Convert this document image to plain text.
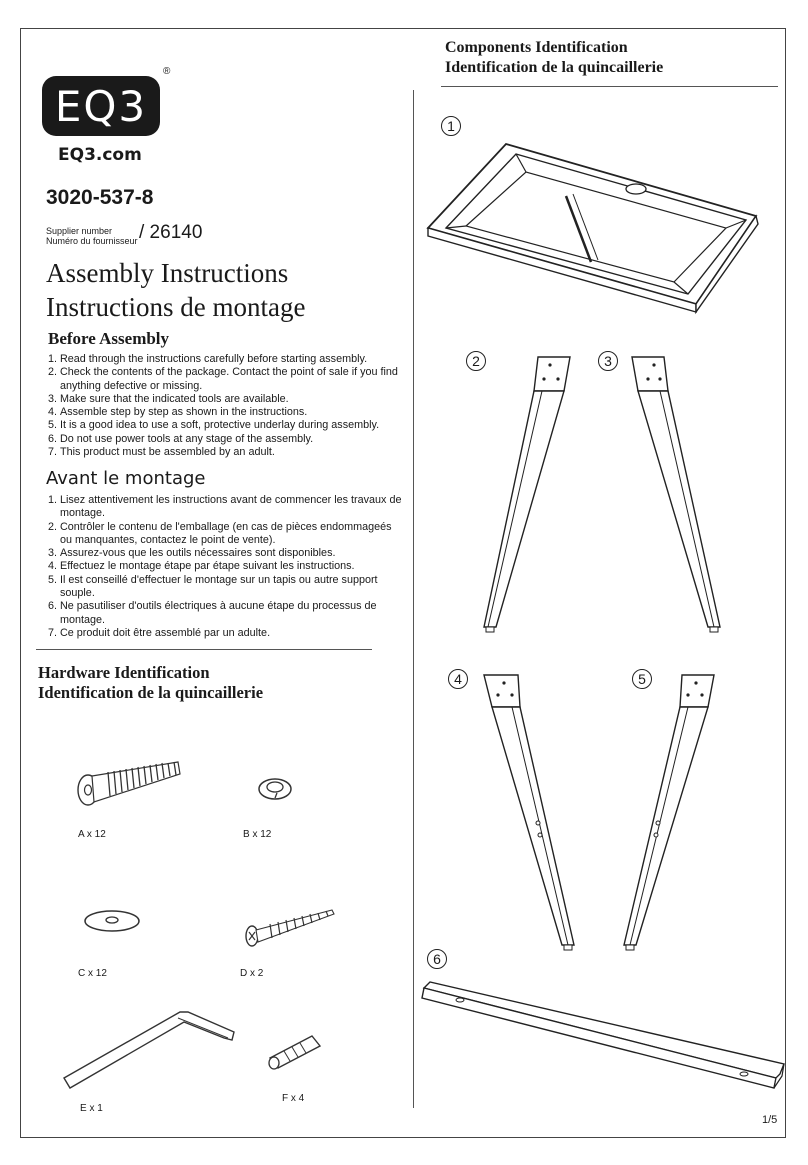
EQ3
®
EQ3.com
3020-537-8
Supplier number
Numéro du fournisseur / 26140
Assembly Instructions
Instructions de montage
Before Assembly
1. Read through the instructions carefully before starting assembly.
2. Check the contents of the package. Contact the point of sale if you find anything defective or missing.
3. Make sure that the indicated tools are available.
4. Assemble step by step as shown in the instructions.
5. It is a good idea to use a soft, protective underlay during assembly.
6. Do not use power tools at any stage of the assembly.
7. This product must be assembled by an adult.
Avant le montage
1. Lisez attentivement les instructions avant de commencer les travaux de montage.
2. Contrôler le contenu de l'emballage (en cas de pièces endommageés ou manquantes, contactez le point de vente).
3. Assurez-vous que les outils nécessaires sont disponibles.
4. Effectuez le montage étape par étape suivant les instructions.
5. Il est conseillé d'effectuer le montage sur un tapis ou autre support souple.
6. Ne pasutiliser d'outils électriques à aucune étape du processus de montage.
7. Ce produit doit être assemblé par un adulte.
Hardware Identification
Identification de la quincaillerie
A x 12	B x 12
C x 12	D x 2
E x 1
F x 4
Components Identification
Identification de la quincaillerie
1
2	3
4	5
6
1/5
